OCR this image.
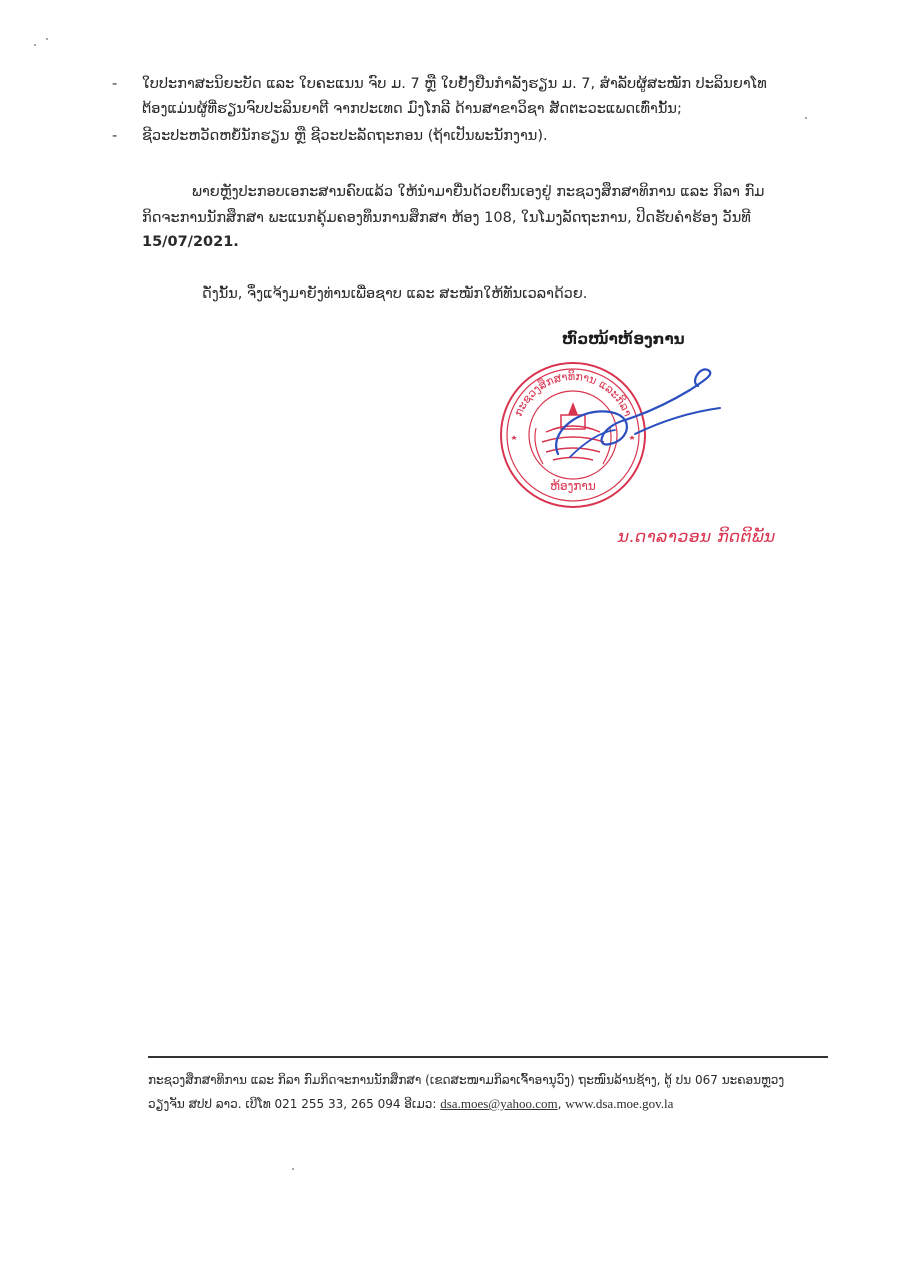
-	ໃບປະກາສະນິຍະບັດ ແລະ ໃບຄະແນນ ຈົບ ມ. 7 ຫຼື ໃບຢັ້ງຢືນກຳລັງຮຽນ ມ. 7, ສຳລັບຜູ້ສະໝັກ ປະລິນຍາໂທ
ຕ້ອງແມ່ນຜູ້ທີ່ຮຽນຈົບປະລິນຍາຕີ ຈາກປະເທດ ມົງໂກລີ ດ້ານສາຂາວິຊາ ສັດຕະວະແພດເທົ່ານັ້ນ;
-	ຊີວະປະຫວັດຫຍໍ້ນັກຮຽນ ຫຼື ຊີວະປະລັດຖະກອນ (ຖ້າເປັນພະນັກງານ).
ພາຍຫຼັງປະກອບເອກະສານຄົບແລ້ວ ໃຫ້ນຳມາຍື່ນດ້ວຍຕົນເອງຢູ່ ກະຊວງສຶກສາທິການ ແລະ ກິລາ ກົມ
ກິດຈະການນັກສຶກສາ ພະແນກຄຸ້ມຄອງທຶນການສຶກສາ ຫ້ອງ 108, ໃນໂມງລັດຖະການ, ປິດຮັບຄຳຮ້ອງ ວັນທີ
15/07/2021.
ດັ່ງນັ້ນ, ຈຶ່ງແຈ້ງມາຍັງທ່ານເພື່ອຊາບ ແລະ ສະໝັກໃຫ້ທັນເວລາດ້ວຍ.
ຫົວໜ້າຫ້ອງການ
ກະຊວງສຶກສາທິການ ແລະກິລາ
ຫ້ອງການ
ນ.ດາລາວອນ ກິດຕິພັນ
ກະຊວງສຶກສາທິການ ແລະ ກິລາ ກົມກິດຈະການນັກສຶກສາ (ເຂດສະໜາມກິລາເຈົ້າອານຸວົງ) ຖະໜົນລ້ານຊ້າງ, ຕູ້ ປນ 067 ນະຄອນຫຼວງ
ວຽງຈັນ ສປປ ລາວ. ເບີໂທ 021 255 33, 265 094 ອີເມວ: dsa.moes@yahoo.com, www.dsa.moe.gov.la
